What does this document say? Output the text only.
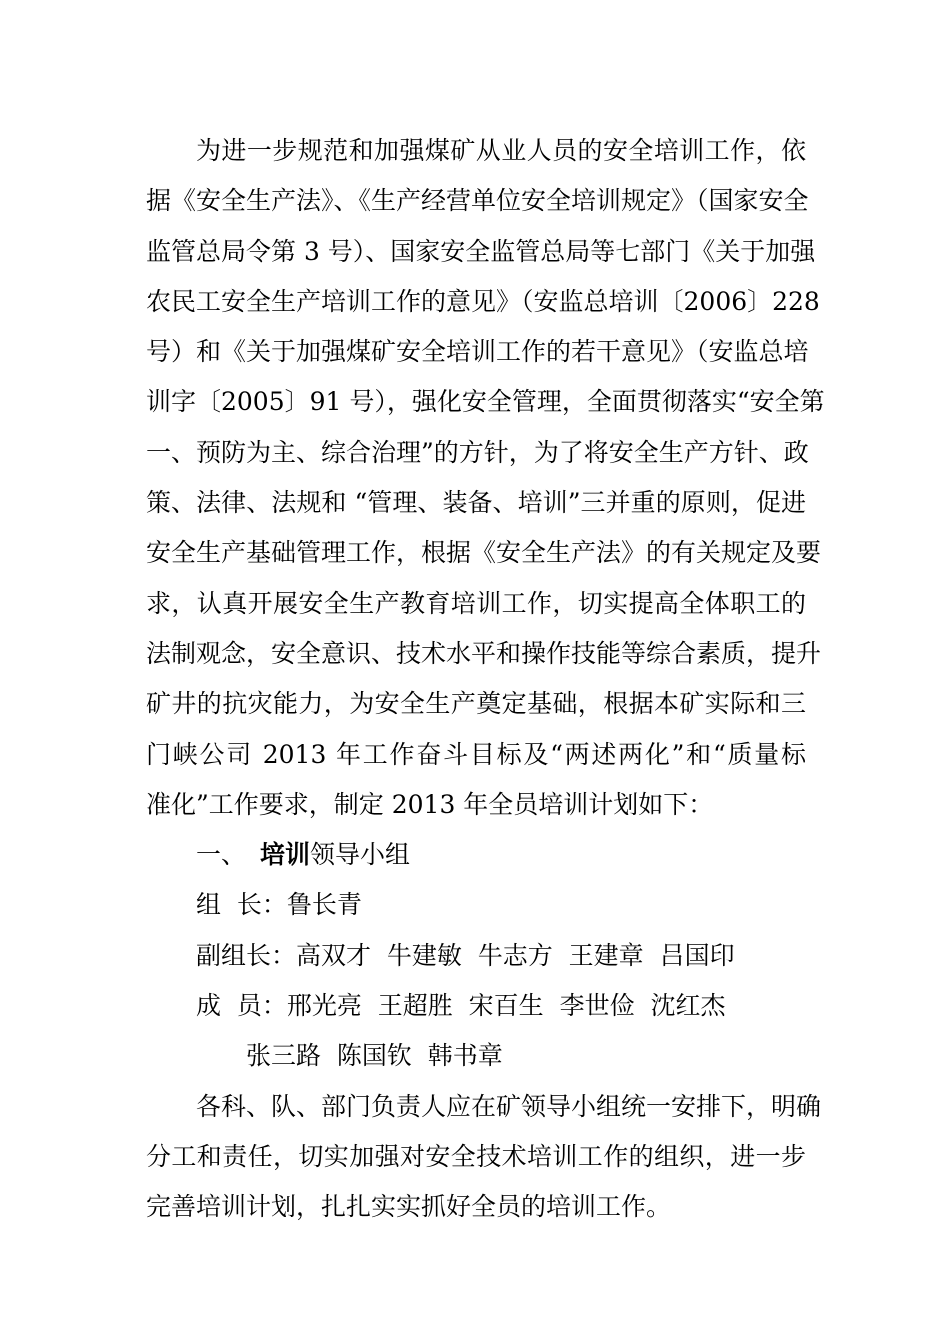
为进一步规范和加强煤矿从业人员的安全培训工作，依
据《安全生产法》、《生产经营单位安全培训规定》（国家安全
监管总局令第 3 号）、国家安全监管总局等七部门《关于加强
农民工安全生产培训工作的意见》（安监总培训〔2006〕228
号）和《关于加强煤矿安全培训工作的若干意见》（安监总培
训字〔2005〕91 号），强化安全管理，全面贯彻落实“安全第
一、预防为主、综合治理”的方针，为了将安全生产方针、政
策、法律、法规和 “管理、装备、培训”三并重的原则，促进
安全生产基础管理工作，根据《安全生产法》的有关规定及要
求，认真开展安全生产教育培训工作，切实提高全体职工的
法制观念，安全意识、技术水平和操作技能等综合素质，提升
矿井的抗灾能力，为安全生产奠定基础，根据本矿实际和三
门峡公司 2013 年工作奋斗目标及“两述两化”和“质量标
准化”工作要求，制定 2013 年全员培训计划如下：
一、 培训领导小组
组  长：鲁长青
副组长：高双才  牛建敏  牛志方  王建章  吕国印
成  员：邢光亮  王超胜  宋百生  李世俭  沈红杰
张三路  陈国钦  韩书章
各科、队、部门负责人应在矿领导小组统一安排下，明确
分工和责任，切实加强对安全技术培训工作的组织，进一步
完善培训计划，扎扎实实抓好全员的培训工作。
